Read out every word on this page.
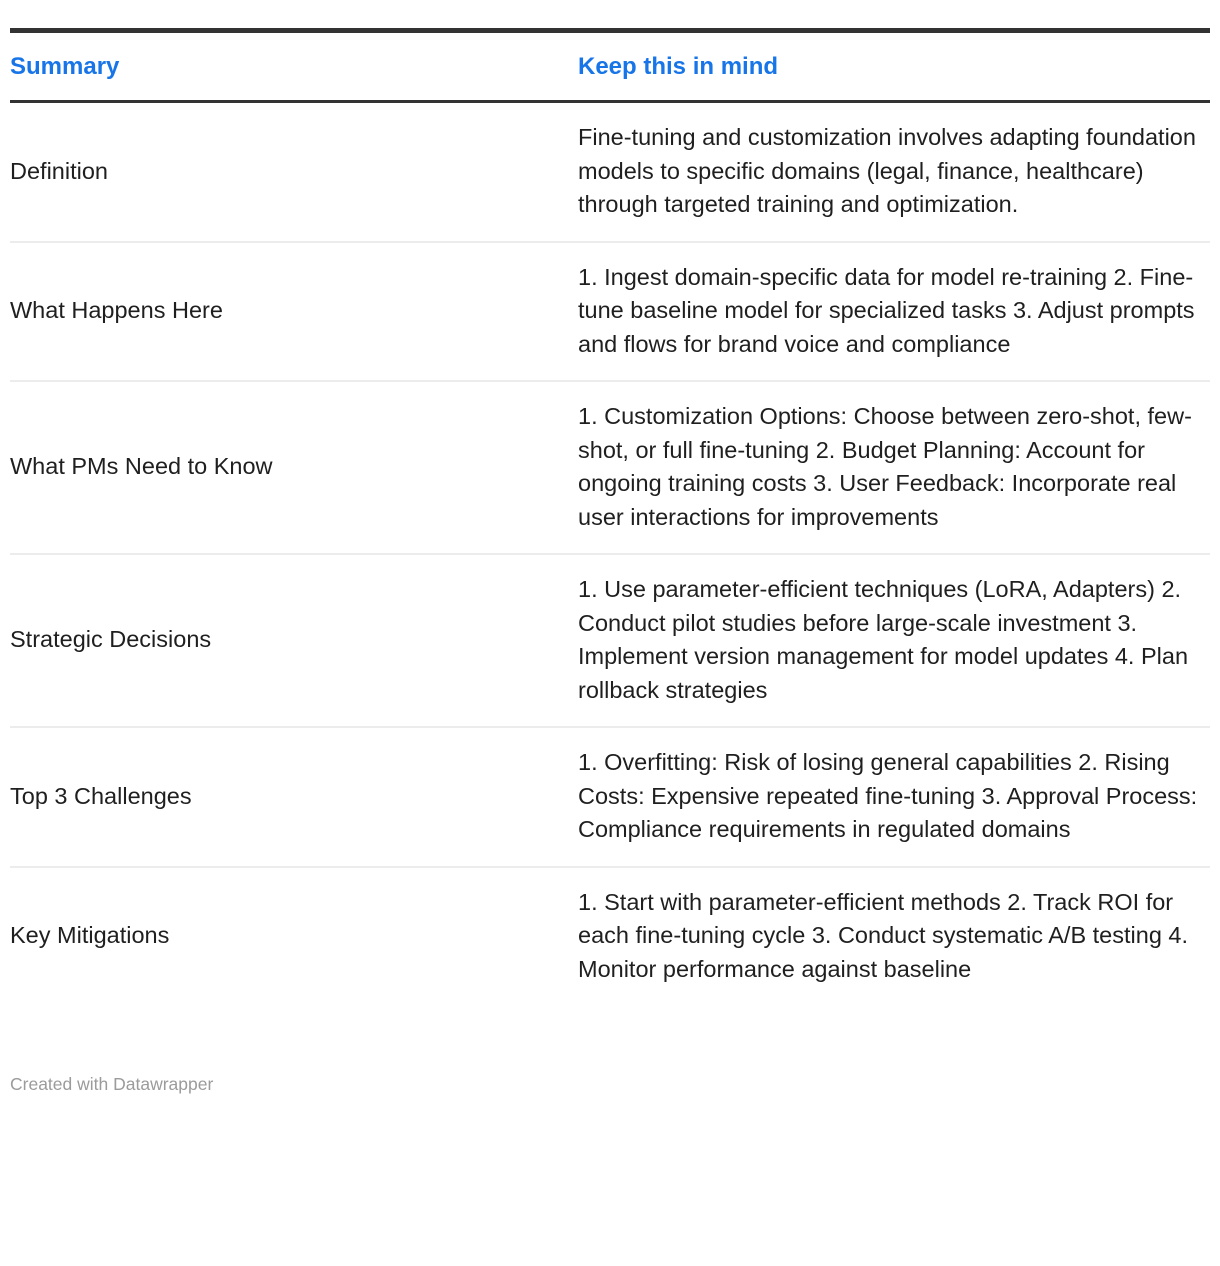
Summary	Keep this in mind
Definition
Fine-tuning and customization involves adapting foundation models to specific domains (legal, finance, healthcare) through targeted training and optimization.
What Happens Here
1. Ingest domain-specific data for model re-training 2. Fine-tune baseline model for specialized tasks 3. Adjust prompts and flows for brand voice and compliance
What PMs Need to Know
1. Customization Options: Choose between zero-shot, few-shot, or full fine-tuning 2. Budget Planning: Account for ongoing training costs 3. User Feedback: Incorporate real user interactions for improvements
Strategic Decisions
1. Use parameter-efficient techniques (LoRA, Adapters) 2. Conduct pilot studies before large-scale investment 3. Implement version management for model updates 4. Plan rollback strategies
Top 3 Challenges
1. Overfitting: Risk of losing general capabilities 2. Rising Costs: Expensive repeated fine-tuning 3. Approval Process: Compliance requirements in regulated domains
Key Mitigations
1. Start with parameter-efficient methods 2. Track ROI for each fine-tuning cycle 3. Conduct systematic A/B testing 4. Monitor performance against baseline
Created with Datawrapper
